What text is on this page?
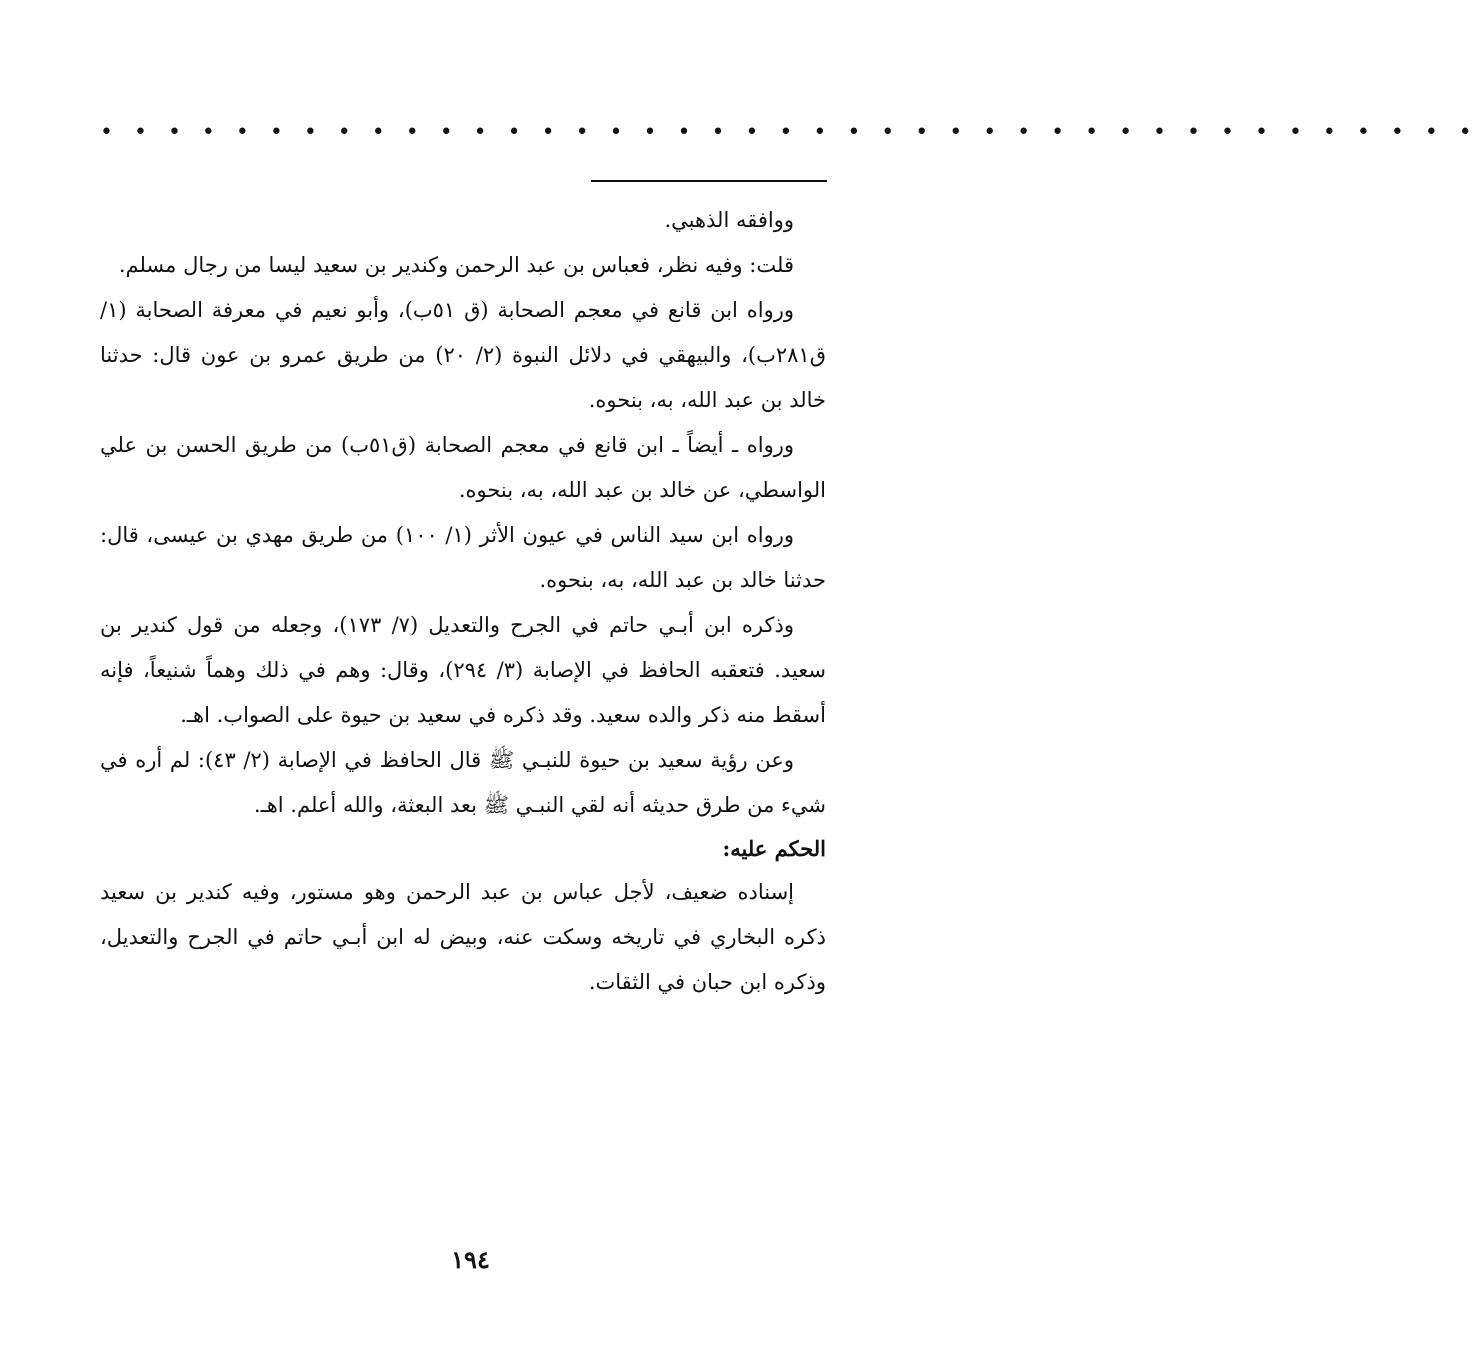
• • • • • • • • • • • • • • • • • • • • • • • • • • • • • • • • • • • • • • • • •

ووافقه الذهبي.

قلت: وفيه نظر، فعباس بن عبد الرحمن وكندير بن سعيد ليسا من رجال مسلم.

ورواه ابن قانع في معجم الصحابة (ق ٥١ب)، وأبو نعيم في معرفة الصحابة (١/ق٢٨١ب)، والبيهقي في دلائل النبوة (٢/ ٢٠) من طريق عمرو بن عون قال: حدثنا خالد بن عبد الله، به، بنحوه.

ورواه ـ أيضاً ـ ابن قانع في معجم الصحابة (ق٥١ب) من طريق الحسن بن علي الواسطي، عن خالد بن عبد الله، به، بنحوه.

ورواه ابن سيد الناس في عيون الأثر (١/ ١٠٠) من طريق مهدي بن عيسى، قال: حدثنا خالد بن عبد الله، به، بنحوه.

وذكره ابن أبـي حاتم في الجرح والتعديل (٧/ ١٧٣)، وجعله من قول كندير بن سعيد. فتعقبه الحافظ في الإصابة (٣/ ٢٩٤)، وقال: وهم في ذلك وهماً شنيعاً، فإنه أسقط منه ذكر والده سعيد. وقد ذكره في سعيد بن حيوة على الصواب. اهـ.

وعن رؤية سعيد بن حيوة للنبـي ﷺ قال الحافظ في الإصابة (٢/ ٤٣): لم أره في شيء من طرق حديثه أنه لقي النبـي ﷺ بعد البعثة، والله أعلم. اهـ.

الحكم عليه:

إسناده ضعيف، لأجل عباس بن عبد الرحمن وهو مستور، وفيه كندير بن سعيد ذكره البخاري في تاريخه وسكت عنه، وبيض له ابن أبـي حاتم في الجرح والتعديل، وذكره ابن حبان في الثقات.

١٩٤
